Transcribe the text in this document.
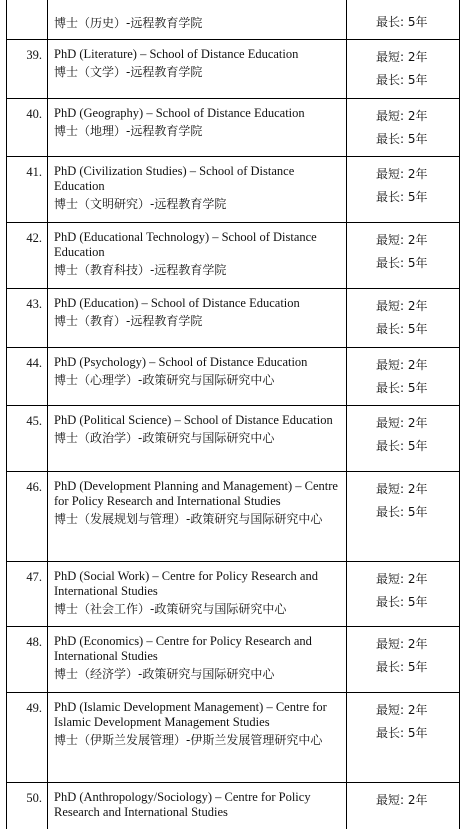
博士（历史）-远程教育学院	最长: 5年
39. PhD (Literature) – School of Distance Education
博士（文学）-远程教育学院
最短: 2年
最长: 5年
40. PhD (Geography) – School of Distance Education
博士（地理）-远程教育学院
最短: 2年
最长: 5年
41. PhD (Civilization Studies) – School of Distance Education
博士（文明研究）-远程教育学院
最短: 2年
最长: 5年
42. PhD (Educational Technology) – School of Distance Education
博士（教育科技）-远程教育学院
最短: 2年
最长: 5年
43. PhD (Education) – School of Distance Education
博士（教育）-远程教育学院
最短: 2年
最长: 5年
44. PhD (Psychology) – School of Distance Education
博士（心理学）-政策研究与国际研究中心
最短: 2年
最长: 5年
45. PhD (Political Science) – School of Distance Education
博士（政治学）-政策研究与国际研究中心
最短: 2年
最长: 5年
46. PhD (Development Planning and Management) – Centre for Policy Research and International Studies
博士（发展规划与管理）-政策研究与国际研究中心
最短: 2年
最长: 5年
47. PhD (Social Work) – Centre for Policy Research and International Studies
博士（社会工作）-政策研究与国际研究中心
最短: 2年
最长: 5年
48. PhD (Economics) – Centre for Policy Research and International Studies
博士（经济学）-政策研究与国际研究中心
最短: 2年
最长: 5年
49. PhD (Islamic Development Management) – Centre for Islamic Development Management Studies
博士（伊斯兰发展管理）-伊斯兰发展管理研究中心
最短: 2年
最长: 5年
50. PhD (Anthropology/Sociology) – Centre for Policy Research and International Studies
最短: 2年
